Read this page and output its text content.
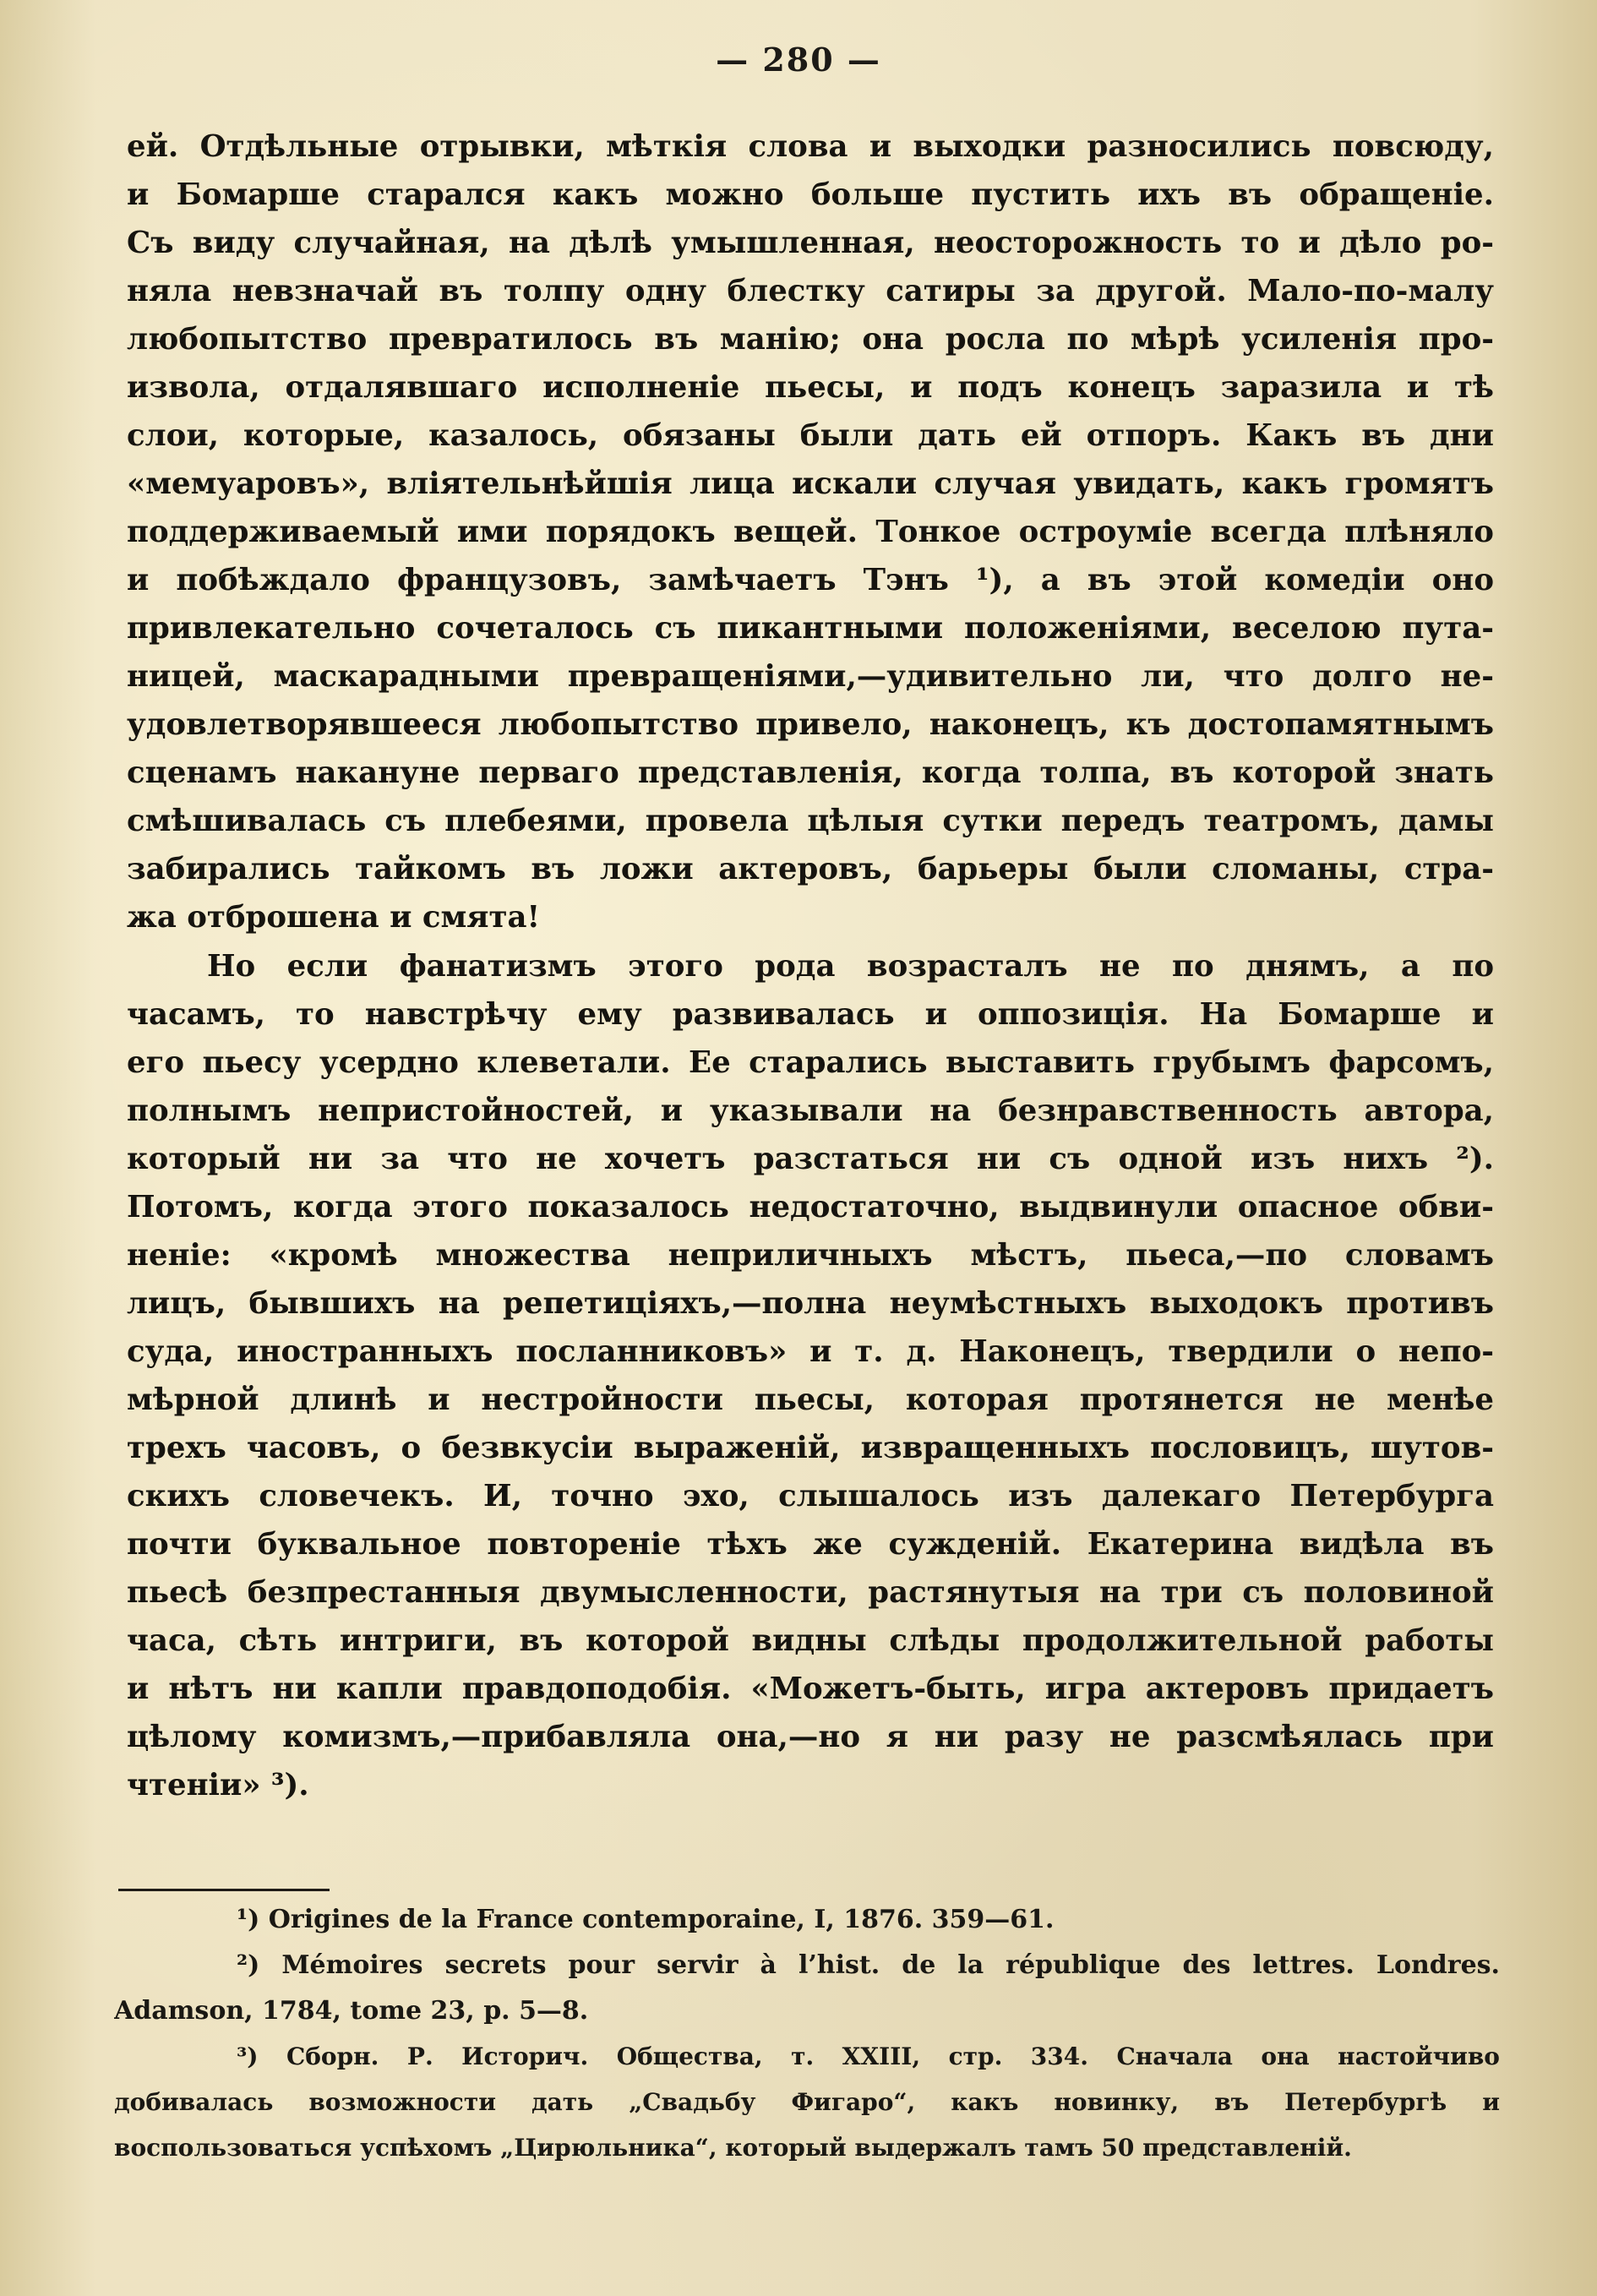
— 280 —
ей. Отдѣльные отрывки, мѣткія слова и выходки разносились повсюду,
и Бомарше старался какъ можно больше пустить ихъ въ обращеніе.
Съ виду случайная, на дѣлѣ умышленная, неосторожность то и дѣло ро-
няла невзначай въ толпу одну блестку сатиры за другой. Мало-по-малу
любопытство превратилось въ манію; она росла по мѣрѣ усиленія про-
извола, отдалявшаго исполненіе пьесы, и подъ конецъ заразила и тѣ
слои, которые, казалось, обязаны были дать ей отпоръ. Какъ въ дни
«мемуаровъ», вліятельнѣйшія лица искали случая увидать, какъ громятъ
поддерживаемый ими порядокъ вещей. Тонкое остроуміе всегда плѣняло
и побѣждало французовъ, замѣчаетъ Тэнъ ¹), а въ этой комедіи оно
привлекательно сочеталось съ пикантными положеніями, веселою пута-
ницей, маскарадными превращеніями,—удивительно ли, что долго не-
удовлетворявшееся любопытство привело, наконецъ, къ достопамятнымъ
сценамъ накануне перваго представленія, когда толпа, въ которой знать
смѣшивалась съ плебеями, провела цѣлыя сутки передъ театромъ, дамы
забирались тайкомъ въ ложи актеровъ, барьеры были сломаны, стра-
жа отброшена и смята!
Но если фанатизмъ этого рода возрасталъ не по днямъ, а по
часамъ, то навстрѣчу ему развивалась и оппозиція. На Бомарше и
его пьесу усердно клеветали. Ее старались выставить грубымъ фарсомъ,
полнымъ непристойностей, и указывали на безнравственность автора,
который ни за что не хочетъ разстаться ни съ одной изъ нихъ ²).
Потомъ, когда этого показалось недостаточно, выдвинули опасное обви-
неніе: «кромѣ множества неприличныхъ мѣстъ, пьеса,—по словамъ
лицъ, бывшихъ на репетиціяхъ,—полна неумѣстныхъ выходокъ противъ
суда, иностранныхъ посланниковъ» и т. д. Наконецъ, твердили о непо-
мѣрной длинѣ и нестройности пьесы, которая протянется не менѣе
трехъ часовъ, о безвкусіи выраженій, извращенныхъ пословицъ, шутов-
скихъ словечекъ. И, точно эхо, слышалось изъ далекаго Петербурга
почти буквальное повтореніе тѣхъ же сужденій. Екатерина видѣла въ
пьесѣ безпрестанныя двумысленности, растянутыя на три съ половиной
часа, сѣть интриги, въ которой видны слѣды продолжительной работы
и нѣтъ ни капли правдоподобія. «Можетъ-быть, игра актеровъ придаетъ
цѣлому комизмъ,—прибавляла она,—но я ни разу не разсмѣялась при
чтеніи» ³).
¹) Origines de la France contemporaine, I, 1876. 359—61.
²) Mémoires secrets pour servir à l’hist. de la république des lettres. Londres.
Adamson, 1784, tome 23, p. 5—8.
³) Сборн. Р. Историч. Общества, т. XXIII, стр. 334. Сначала она настойчиво
добивалась возможности дать „Свадьбу Фигаро“, какъ новинку, въ Петербургѣ и
воспользоваться успѣхомъ „Цирюльника“, который выдержалъ тамъ 50 представленій.
